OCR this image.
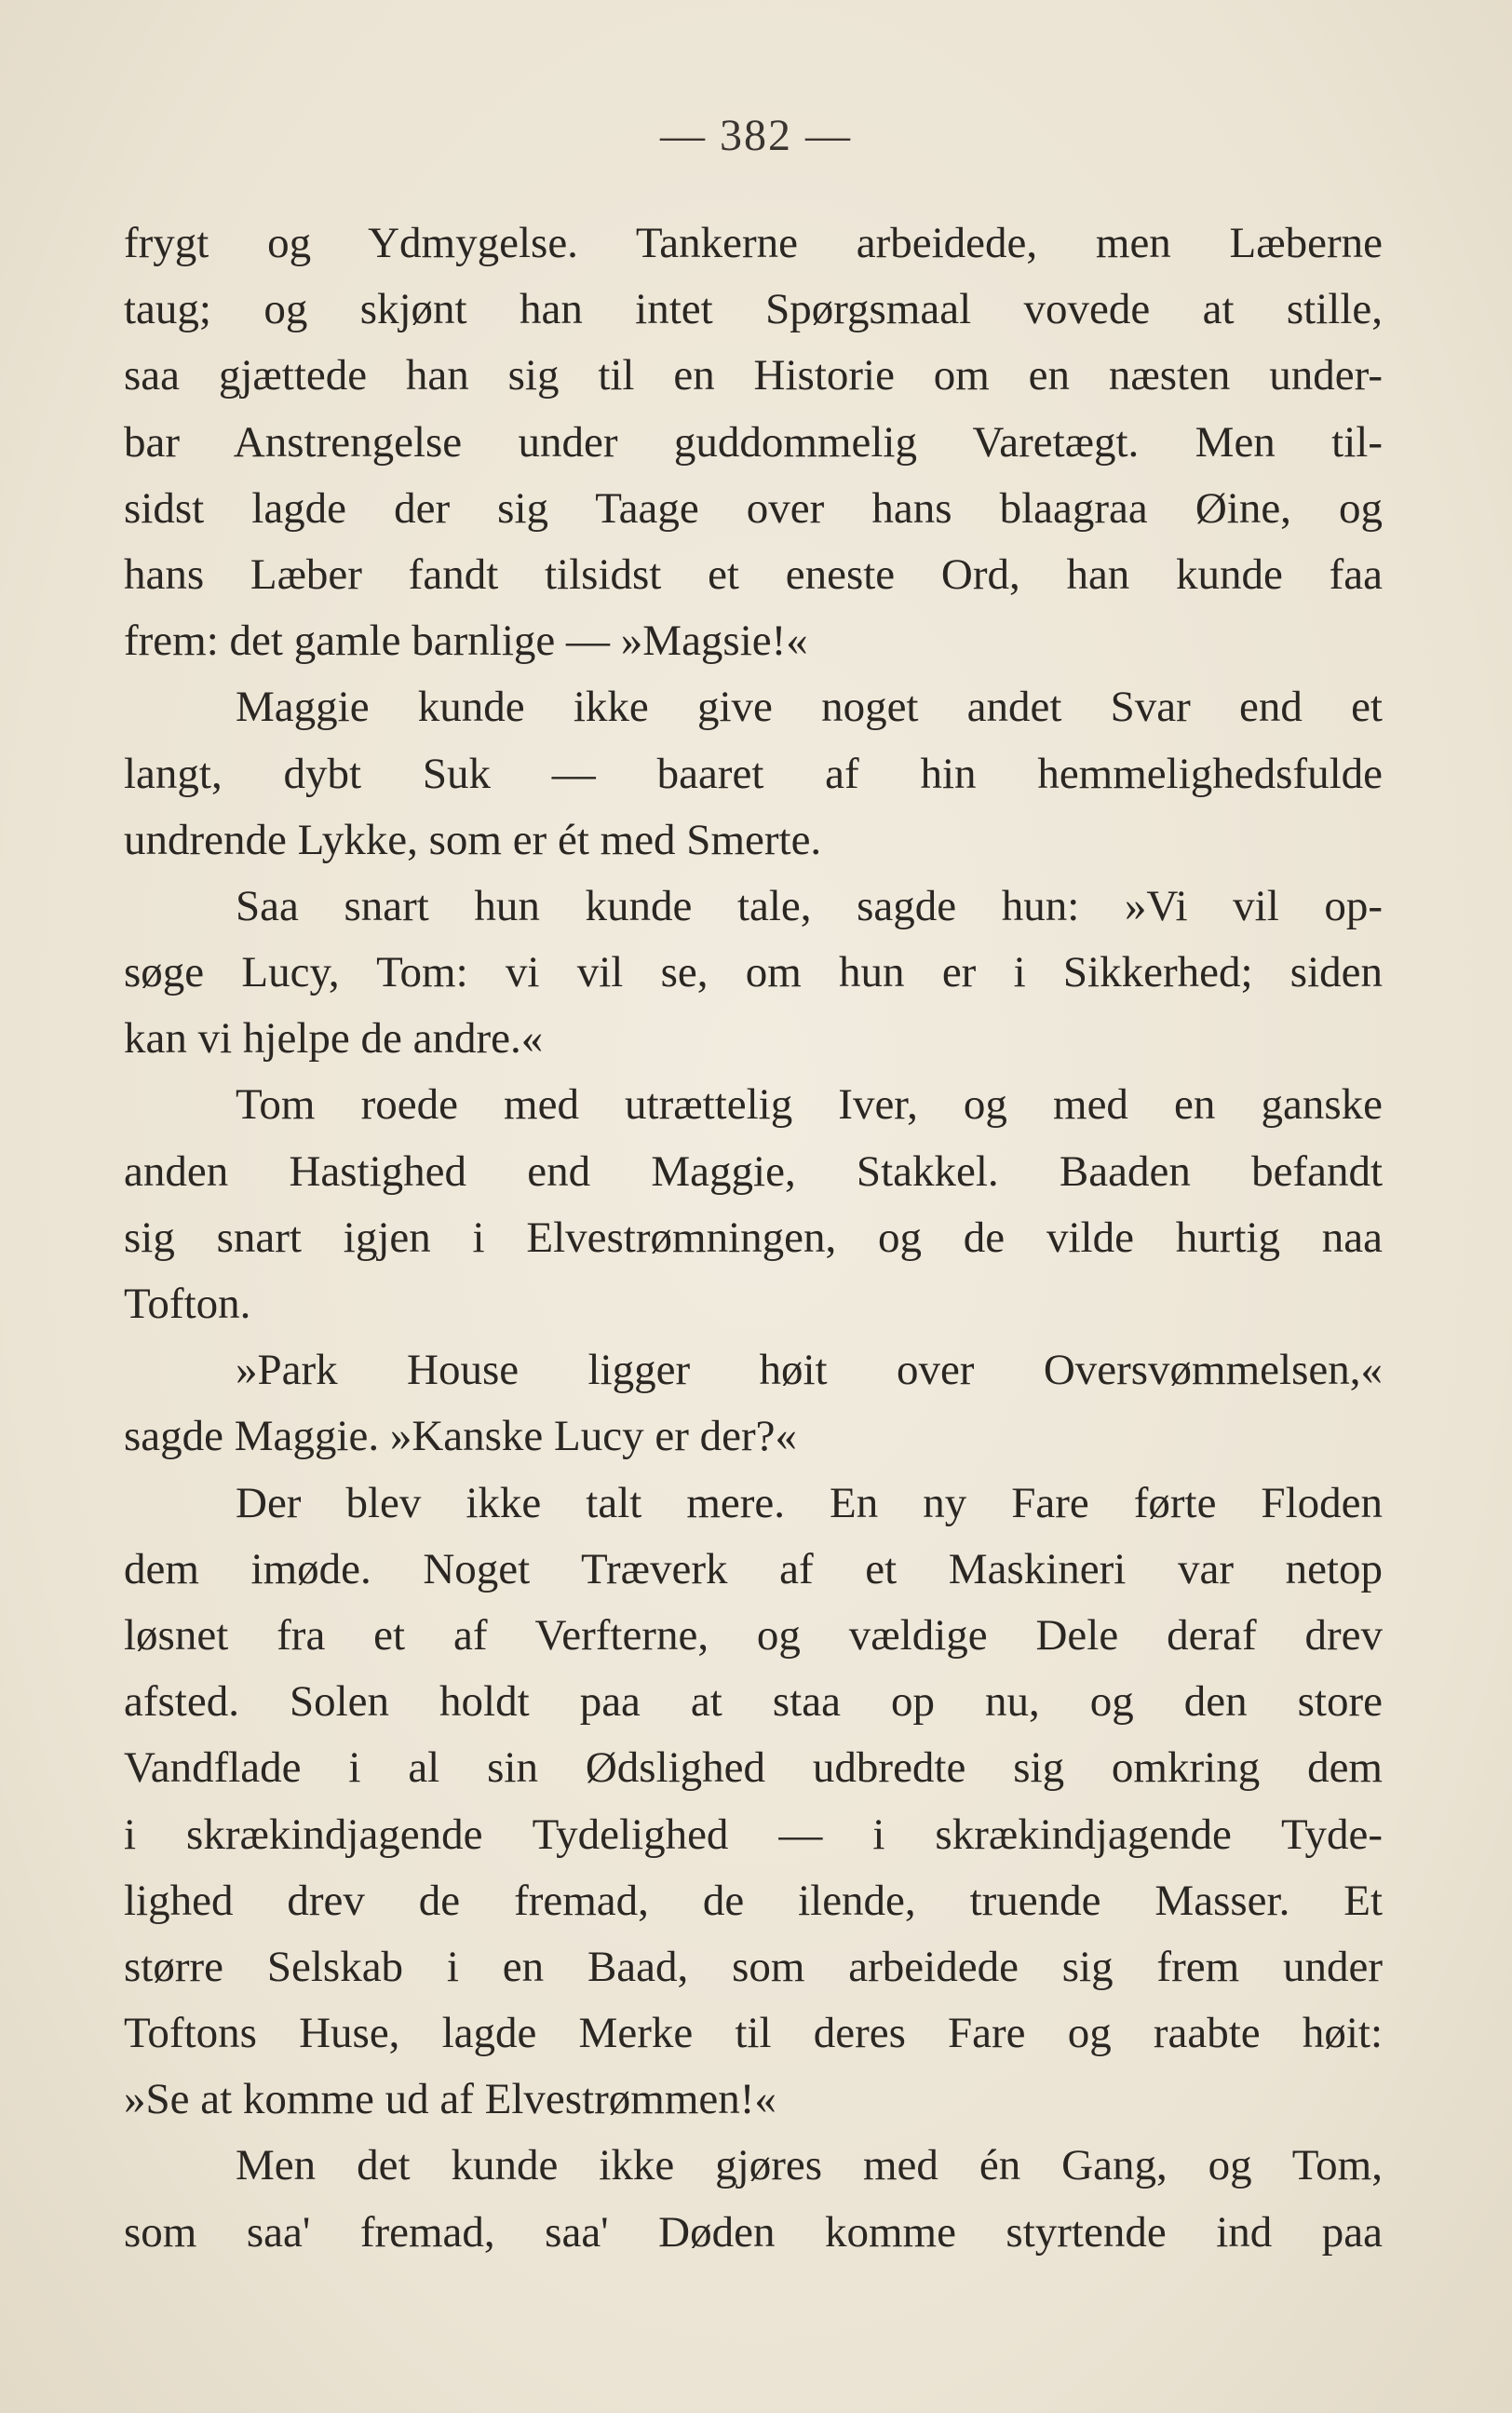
— 382 —
frygt og Ydmygelse. Tankerne arbeidede, men Læberne
taug; og skjønt han intet Spørgsmaal vovede at stille,
saa gjættede han sig til en Historie om en næsten under-
bar Anstrengelse under guddommelig Varetægt. Men til-
sidst lagde der sig Taage over hans blaagraa Øine, og
hans Læber fandt tilsidst et eneste Ord, han kunde faa
frem: det gamle barnlige — »Magsie!«
Maggie kunde ikke give noget andet Svar end et
langt, dybt Suk — baaret af hin hemmelighedsfulde
undrende Lykke, som er ét med Smerte.
Saa snart hun kunde tale, sagde hun: »Vi vil op-
søge Lucy, Tom: vi vil se, om hun er i Sikkerhed; siden
kan vi hjelpe de andre.«
Tom roede med utrættelig Iver, og med en ganske
anden Hastighed end Maggie, Stakkel. Baaden befandt
sig snart igjen i Elvestrømningen, og de vilde hurtig naa
Tofton.
»Park House ligger høit over Oversvømmelsen,«
sagde Maggie. »Kanske Lucy er der?«
Der blev ikke talt mere. En ny Fare førte Floden
dem imøde. Noget Træverk af et Maskineri var netop
løsnet fra et af Verfterne, og vældige Dele deraf drev
afsted. Solen holdt paa at staa op nu, og den store
Vandflade i al sin Ødslighed udbredte sig omkring dem
i skrækindjagende Tydelighed — i skrækindjagende Tyde-
lighed drev de fremad, de ilende, truende Masser. Et
større Selskab i en Baad, som arbeidede sig frem under
Toftons Huse, lagde Merke til deres Fare og raabte høit:
»Se at komme ud af Elvestrømmen!«
Men det kunde ikke gjøres med én Gang, og Tom,
som saa' fremad, saa' Døden komme styrtende ind paa
